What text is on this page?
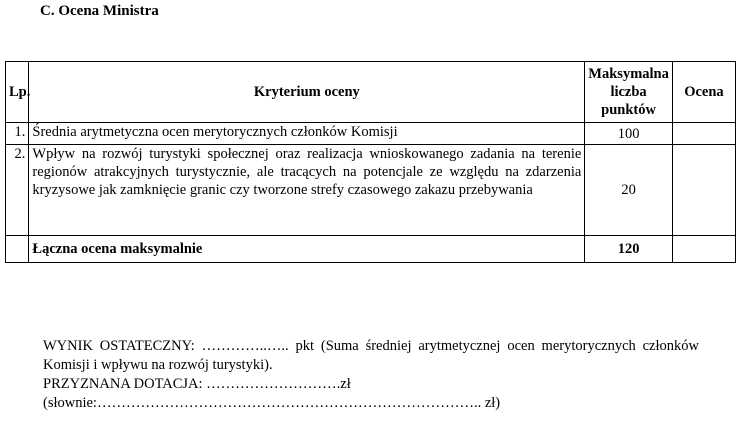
C. Ocena Ministra
Lp.	Kryterium oceny	Maksymalna liczba punktów	Ocena
1.	Średnia arytmetyczna ocen merytorycznych członków Komisji	100	
2.	Wpływ na rozwój turystyki społecznej oraz realizacja wnioskowanego zadania na terenie regionów atrakcyjnych turystycznie, ale tracących na potencjale ze względu na zdarzenia kryzysowe jak zamknięcie granic czy tworzone strefy czasowego zakazu przebywania	20	
	Łączna ocena maksymalnie	120	

WYNIK OSTATECZNY: …………..….. pkt (Suma średniej arytmetycznej ocen merytorycznych członków Komisji i wpływu na rozwój turystyki).

PRZYZNANA DOTACJA: ……………………….zł

(słownie:…………………………………………………………………….. zł)
